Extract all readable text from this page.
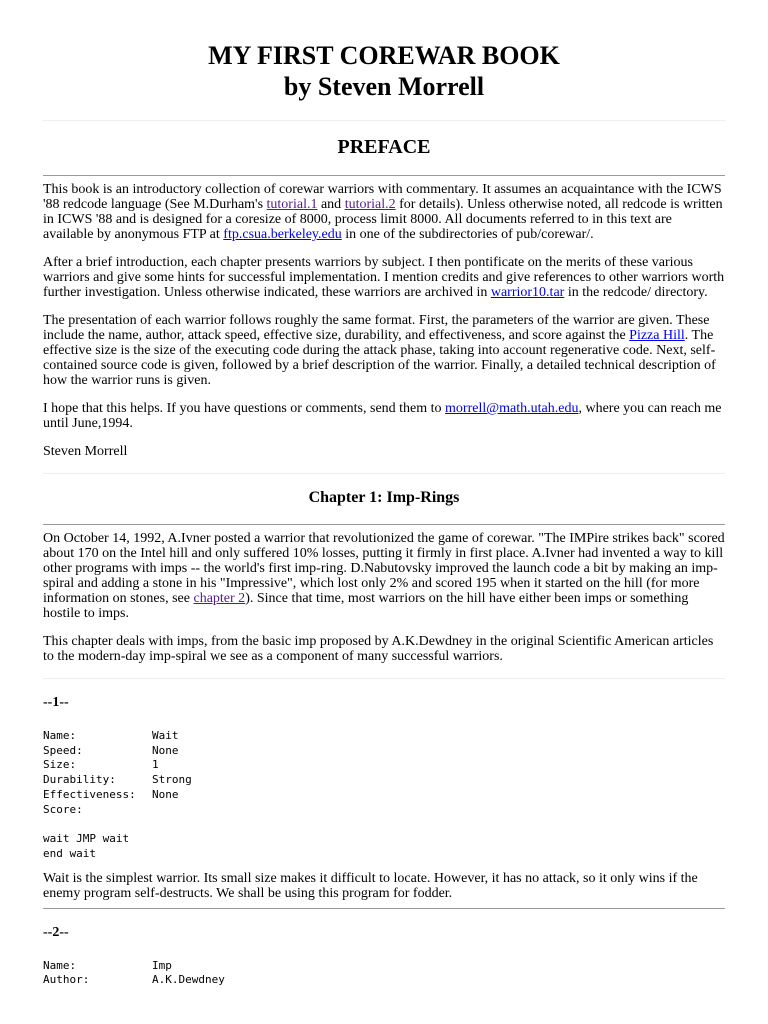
MY FIRST COREWAR BOOK
by Steven Morrell
PREFACE

This book is an introductory collection of corewar warriors with commentary. It assumes an acquaintance with the ICWS '88 redcode language (See M.Durham's tutorial.1 and tutorial.2 for details). Unless otherwise noted, all redcode is written in ICWS '88 and is designed for a coresize of 8000, process limit 8000. All documents referred to in this text are available by anonymous FTP at ftp.csua.berkeley.edu in one of the subdirectories of pub/corewar/.

After a brief introduction, each chapter presents warriors by subject. I then pontificate on the merits of these various warriors and give some hints for successful implementation. I mention credits and give references to other warriors worth further investigation. Unless otherwise indicated, these warriors are archived in warrior10.tar in the redcode/ directory.

The presentation of each warrior follows roughly the same format. First, the parameters of the warrior are given. These include the name, author, attack speed, effective size, durability, and effectiveness, and score against the Pizza Hill. The effective size is the size of the executing code during the attack phase, taking into account regenerative code. Next, self-contained source code is given, followed by a brief description of the warrior. Finally, a detailed technical description of how the warrior runs is given.

I hope that this helps. If you have questions or comments, send them to morrell@math.utah.edu, where you can reach me until June,1994.

Steven Morrell

Chapter 1: Imp-Rings

On October 14, 1992, A.Ivner posted a warrior that revolutionized the game of corewar. "The IMPire strikes back" scored about 170 on the Intel hill and only suffered 10% losses, putting it firmly in first place. A.Ivner had invented a way to kill other programs with imps -- the world's first imp-ring. D.Nabutovsky improved the launch code a bit by making an imp-spiral and adding a stone in his "Impressive", which lost only 2% and scored 195 when it started on the hill (for more information on stones, see chapter 2). Since that time, most warriors on the hill have either been imps or something hostile to imps.

This chapter deals with imps, from the basic imp proposed by A.K.Dewdney in the original Scientific American articles to the modern-day imp-spiral we see as a component of many successful warriors.

--1--
Name:	Wait
Speed:	None
Size:	1
Durability:	Strong
Effectiveness:	None
Score:
wait JMP wait
end wait

Wait is the simplest warrior. Its small size makes it difficult to locate. However, it has no attack, so it only wins if the enemy program self-destructs. We shall be using this program for fodder.

--2--
Name:	Imp
Author:	A.K.Dewdney
